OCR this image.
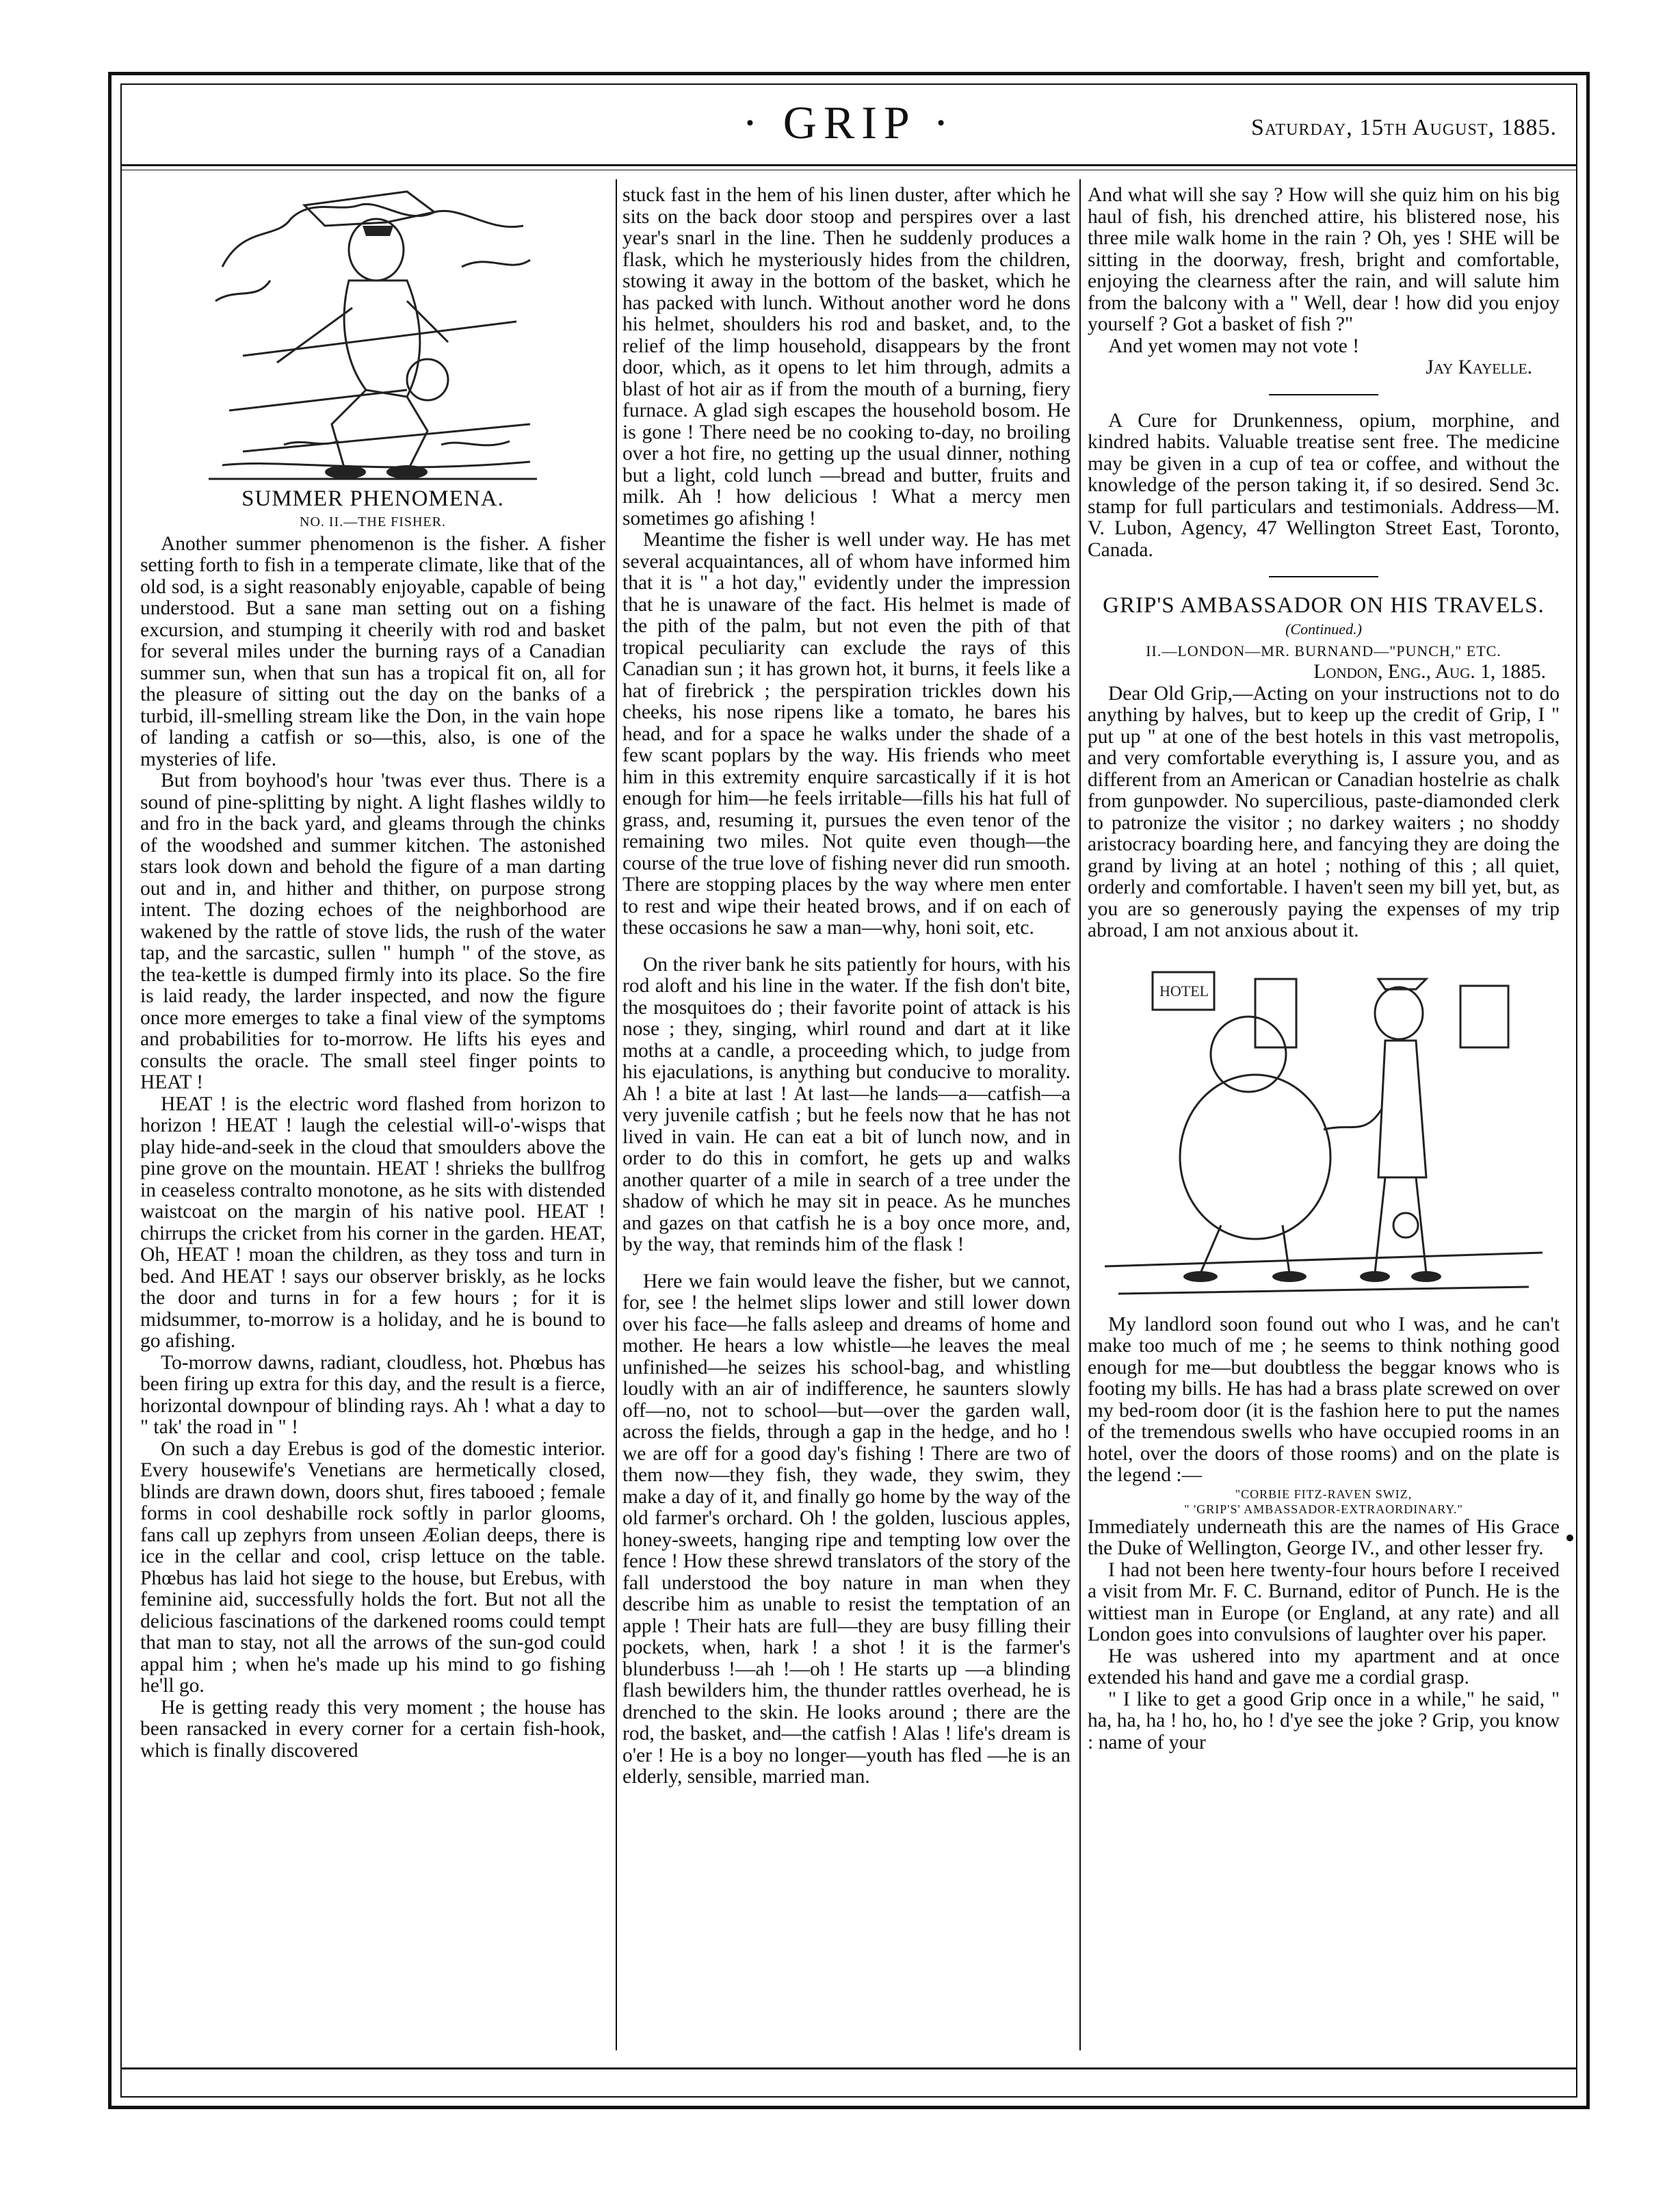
· GRIP ·	Saturday, 15th August, 1885.

SUMMER PHENOMENA.

NO. II.—THE FISHER.

Another summer phenomenon is the fisher. A fisher setting forth to fish in a temperate climate, like that of the old sod, is a sight reasonably enjoyable, capable of being understood. But a sane man setting out on a fishing excursion, and stumping it cheerily with rod and basket for several miles under the burning rays of a Canadian summer sun, when that sun has a tropical fit on, all for the pleasure of sitting out the day on the banks of a turbid, ill-smelling stream like the Don, in the vain hope of landing a catfish or so—this, also, is one of the mysteries of life.

But from boyhood's hour 'twas ever thus. There is a sound of pine-splitting by night. A light flashes wildly to and fro in the back yard, and gleams through the chinks of the woodshed and summer kitchen. The astonished stars look down and behold the figure of a man darting out and in, and hither and thither, on purpose strong intent. The dozing echoes of the neighborhood are wakened by the rattle of stove lids, the rush of the water tap, and the sarcastic, sullen " humph " of the stove, as the tea-kettle is dumped firmly into its place. So the fire is laid ready, the larder inspected, and now the figure once more emerges to take a final view of the symptoms and probabilities for to-morrow. He lifts his eyes and consults the oracle. The small steel finger points to HEAT !

HEAT ! is the electric word flashed from horizon to horizon ! HEAT ! laugh the celestial will-o'-wisps that play hide-and-seek in the cloud that smoulders above the pine grove on the mountain. HEAT ! shrieks the bullfrog in ceaseless contralto monotone, as he sits with distended waistcoat on the margin of his native pool. HEAT ! chirrups the cricket from his corner in the garden. HEAT, Oh, HEAT ! moan the children, as they toss and turn in bed. And HEAT ! says our observer briskly, as he locks the door and turns in for a few hours ; for it is midsummer, to-morrow is a holiday, and he is bound to go afishing.

To-morrow dawns, radiant, cloudless, hot. Phœbus has been firing up extra for this day, and the result is a fierce, horizontal downpour of blinding rays. Ah ! what a day to " tak' the road in " !

On such a day Erebus is god of the domestic interior. Every housewife's Venetians are hermetically closed, blinds are drawn down, doors shut, fires tabooed ; female forms in cool deshabille rock softly in parlor glooms, fans call up zephyrs from unseen Æolian deeps, there is ice in the cellar and cool, crisp lettuce on the table. Phœbus has laid hot siege to the house, but Erebus, with feminine aid, successfully holds the fort. But not all the delicious fascinations of the darkened rooms could tempt that man to stay, not all the arrows of the sun-god could appal him ; when he's made up his mind to go fishing he'll go.

He is getting ready this very moment ; the house has been ransacked in every corner for a certain fish-hook, which is finally discovered

stuck fast in the hem of his linen duster, after which he sits on the back door stoop and perspires over a last year's snarl in the line. Then he suddenly produces a flask, which he mysteriously hides from the children, stowing it away in the bottom of the basket, which he has packed with lunch. Without another word he dons his helmet, shoulders his rod and basket, and, to the relief of the limp household, disappears by the front door, which, as it opens to let him through, admits a blast of hot air as if from the mouth of a burning, fiery furnace. A glad sigh escapes the household bosom. He is gone ! There need be no cooking to-day, no broiling over a hot fire, no getting up the usual dinner, nothing but a light, cold lunch —bread and butter, fruits and milk. Ah ! how delicious ! What a mercy men sometimes go afishing !

Meantime the fisher is well under way. He has met several acquaintances, all of whom have informed him that it is " a hot day," evidently under the impression that he is unaware of the fact. His helmet is made of the pith of the palm, but not even the pith of that tropical peculiarity can exclude the rays of this Canadian sun ; it has grown hot, it burns, it feels like a hat of firebrick ; the perspiration trickles down his cheeks, his nose ripens like a tomato, he bares his head, and for a space he walks under the shade of a few scant poplars by the way. His friends who meet him in this extremity enquire sarcastically if it is hot enough for him—he feels irritable—fills his hat full of grass, and, resuming it, pursues the even tenor of the remaining two miles. Not quite even though—the course of the true love of fishing never did run smooth. There are stopping places by the way where men enter to rest and wipe their heated brows, and if on each of these occasions he saw a man—why, honi soit, etc.

On the river bank he sits patiently for hours, with his rod aloft and his line in the water. If the fish don't bite, the mosquitoes do ; their favorite point of attack is his nose ; they, singing, whirl round and dart at it like moths at a candle, a proceeding which, to judge from his ejaculations, is anything but conducive to morality. Ah ! a bite at last ! At last—he lands—a—catfish—a very juvenile catfish ; but he feels now that he has not lived in vain. He can eat a bit of lunch now, and in order to do this in comfort, he gets up and walks another quarter of a mile in search of a tree under the shadow of which he may sit in peace. As he munches and gazes on that catfish he is a boy once more, and, by the way, that reminds him of the flask !

Here we fain would leave the fisher, but we cannot, for, see ! the helmet slips lower and still lower down over his face—he falls asleep and dreams of home and mother. He hears a low whistle—he leaves the meal unfinished—he seizes his school-bag, and whistling loudly with an air of indifference, he saunters slowly off—no, not to school—but—over the garden wall, across the fields, through a gap in the hedge, and ho ! we are off for a good day's fishing ! There are two of them now—they fish, they wade, they swim, they make a day of it, and finally go home by the way of the old farmer's orchard. Oh ! the golden, luscious apples, honey-sweets, hanging ripe and tempting low over the fence ! How these shrewd translators of the story of the fall understood the boy nature in man when they describe him as unable to resist the temptation of an apple ! Their hats are full—they are busy filling their pockets, when, hark ! a shot ! it is the farmer's blunderbuss !—ah !—oh ! He starts up —a blinding flash bewilders him, the thunder rattles overhead, he is drenched to the skin. He looks around ; there are the rod, the basket, and—the catfish ! Alas ! life's dream is o'er ! He is a boy no longer—youth has fled —he is an elderly, sensible, married man.

And what will she say ? How will she quiz him on his big haul of fish, his drenched attire, his blistered nose, his three mile walk home in the rain ? Oh, yes ! SHE will be sitting in the doorway, fresh, bright and comfortable, enjoying the clearness after the rain, and will salute him from the balcony with a " Well, dear ! how did you enjoy yourself ? Got a basket of fish ?"

And yet women may not vote !

Jay Kayelle.

A Cure for Drunkenness, opium, morphine, and kindred habits. Valuable treatise sent free. The medicine may be given in a cup of tea or coffee, and without the knowledge of the person taking it, if so desired. Send 3c. stamp for full particulars and testimonials. Address—M. V. Lubon, Agency, 47 Wellington Street East, Toronto, Canada.

GRIP'S AMBASSADOR ON HIS TRAVELS.

(Continued.)

II.—LONDON—MR. BURNAND—"PUNCH," ETC.

London, Eng., Aug. 1, 1885.

Dear Old Grip,—Acting on your instructions not to do anything by halves, but to keep up the credit of Grip, I " put up " at one of the best hotels in this vast metropolis, and very comfortable everything is, I assure you, and as different from an American or Canadian hostelrie as chalk from gunpowder. No supercilious, paste-diamonded clerk to patronize the visitor ; no darkey waiters ; no shoddy aristocracy boarding here, and fancying they are doing the grand by living at an hotel ; nothing of this ; all quiet, orderly and comfortable. I haven't seen my bill yet, but, as you are so generously paying the expenses of my trip abroad, I am not anxious about it.

HOTEL

My landlord soon found out who I was, and he can't make too much of me ; he seems to think nothing good enough for me—but doubtless the beggar knows who is footing my bills. He has had a brass plate screwed on over my bed-room door (it is the fashion here to put the names of the tremendous swells who have occupied rooms in an hotel, over the doors of those rooms) and on the plate is the legend :—

"CORBIE FITZ-RAVEN SWIZ,

" 'GRIP'S' AMBASSADOR-EXTRAORDINARY."

Immediately underneath this are the names of His Grace the Duke of Wellington, George IV., and other lesser fry.

I had not been here twenty-four hours before I received a visit from Mr. F. C. Burnand, editor of Punch. He is the wittiest man in Europe (or England, at any rate) and all London goes into convulsions of laughter over his paper.

He was ushered into my apartment and at once extended his hand and gave me a cordial grasp.

" I like to get a good Grip once in a while," he said, " ha, ha, ha ! ho, ho, ho ! d'ye see the joke ? Grip, you know : name of your
